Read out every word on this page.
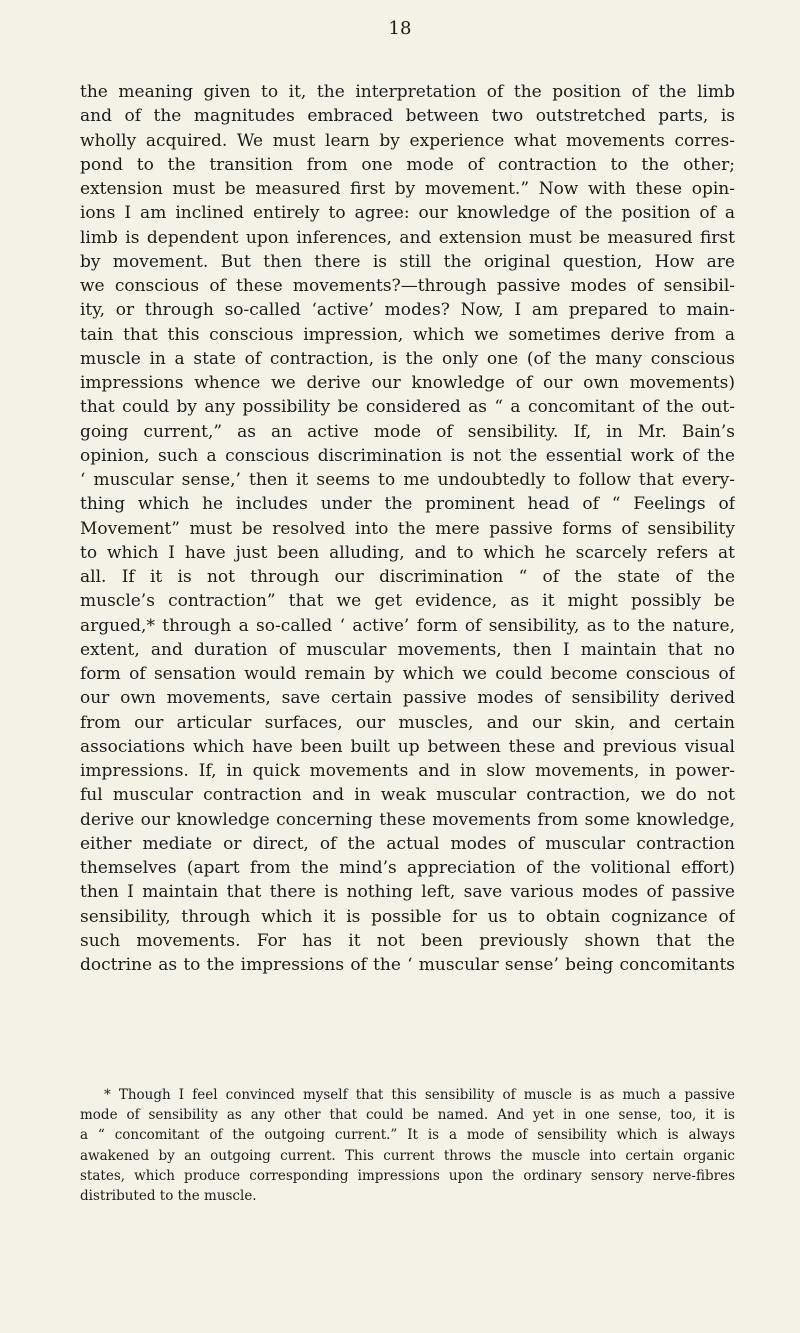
18
the meaning given to it, the interpretation of the position of the limb
and of the magnitudes embraced between two outstretched parts, is
wholly acquired. We must learn by experience what movements corres-
pond to the transition from one mode of contraction to the other;
extension must be measured first by movement.” Now with these opin-
ions I am inclined entirely to agree: our knowledge of the position of a
limb is dependent upon inferences, and extension must be measured first
by movement. But then there is still the original question, How are
we conscious of these movements?—through passive modes of sensibil-
ity, or through so-called ‘active’ modes? Now, I am prepared to main-
tain that this conscious impression, which we sometimes derive from a
muscle in a state of contraction, is the only one (of the many conscious
impressions whence we derive our knowledge of our own movements)
that could by any possibility be considered as “ a concomitant of the out-
going current,” as an active mode of sensibility. If, in Mr. Bain’s
opinion, such a conscious discrimination is not the essential work of the
‘ muscular sense,’ then it seems to me undoubtedly to follow that every-
thing which he includes under the prominent head of “ Feelings of
Movement” must be resolved into the mere passive forms of sensibility
to which I have just been alluding, and to which he scarcely refers at
all. If it is not through our discrimination “ of the state of the
muscle’s contraction” that we get evidence, as it might possibly be
argued,* through a so-called ‘ active’ form of sensibility, as to the nature,
extent, and duration of muscular movements, then I maintain that no
form of sensation would remain by which we could become conscious of
our own movements, save certain passive modes of sensibility derived
from our articular surfaces, our muscles, and our skin, and certain
associations which have been built up between these and previous visual
impressions. If, in quick movements and in slow movements, in power-
ful muscular contraction and in weak muscular contraction, we do not
derive our knowledge concerning these movements from some knowledge,
either mediate or direct, of the actual modes of muscular contraction
themselves (apart from the mind’s appreciation of the volitional effort)
then I maintain that there is nothing left, save various modes of passive
sensibility, through which it is possible for us to obtain cognizance of
such movements. For has it not been previously shown that the
doctrine as to the impressions of the ‘ muscular sense’ being concomitants
* Though I feel convinced myself that this sensibility of muscle is as much a passive
mode of sensibility as any other that could be named. And yet in one sense, too, it is
a “ concomitant of the outgoing current.” It is a mode of sensibility which is always
awakened by an outgoing current. This current throws the muscle into certain organic
states, which produce corresponding impressions upon the ordinary sensory nerve-fibres
distributed to the muscle.
